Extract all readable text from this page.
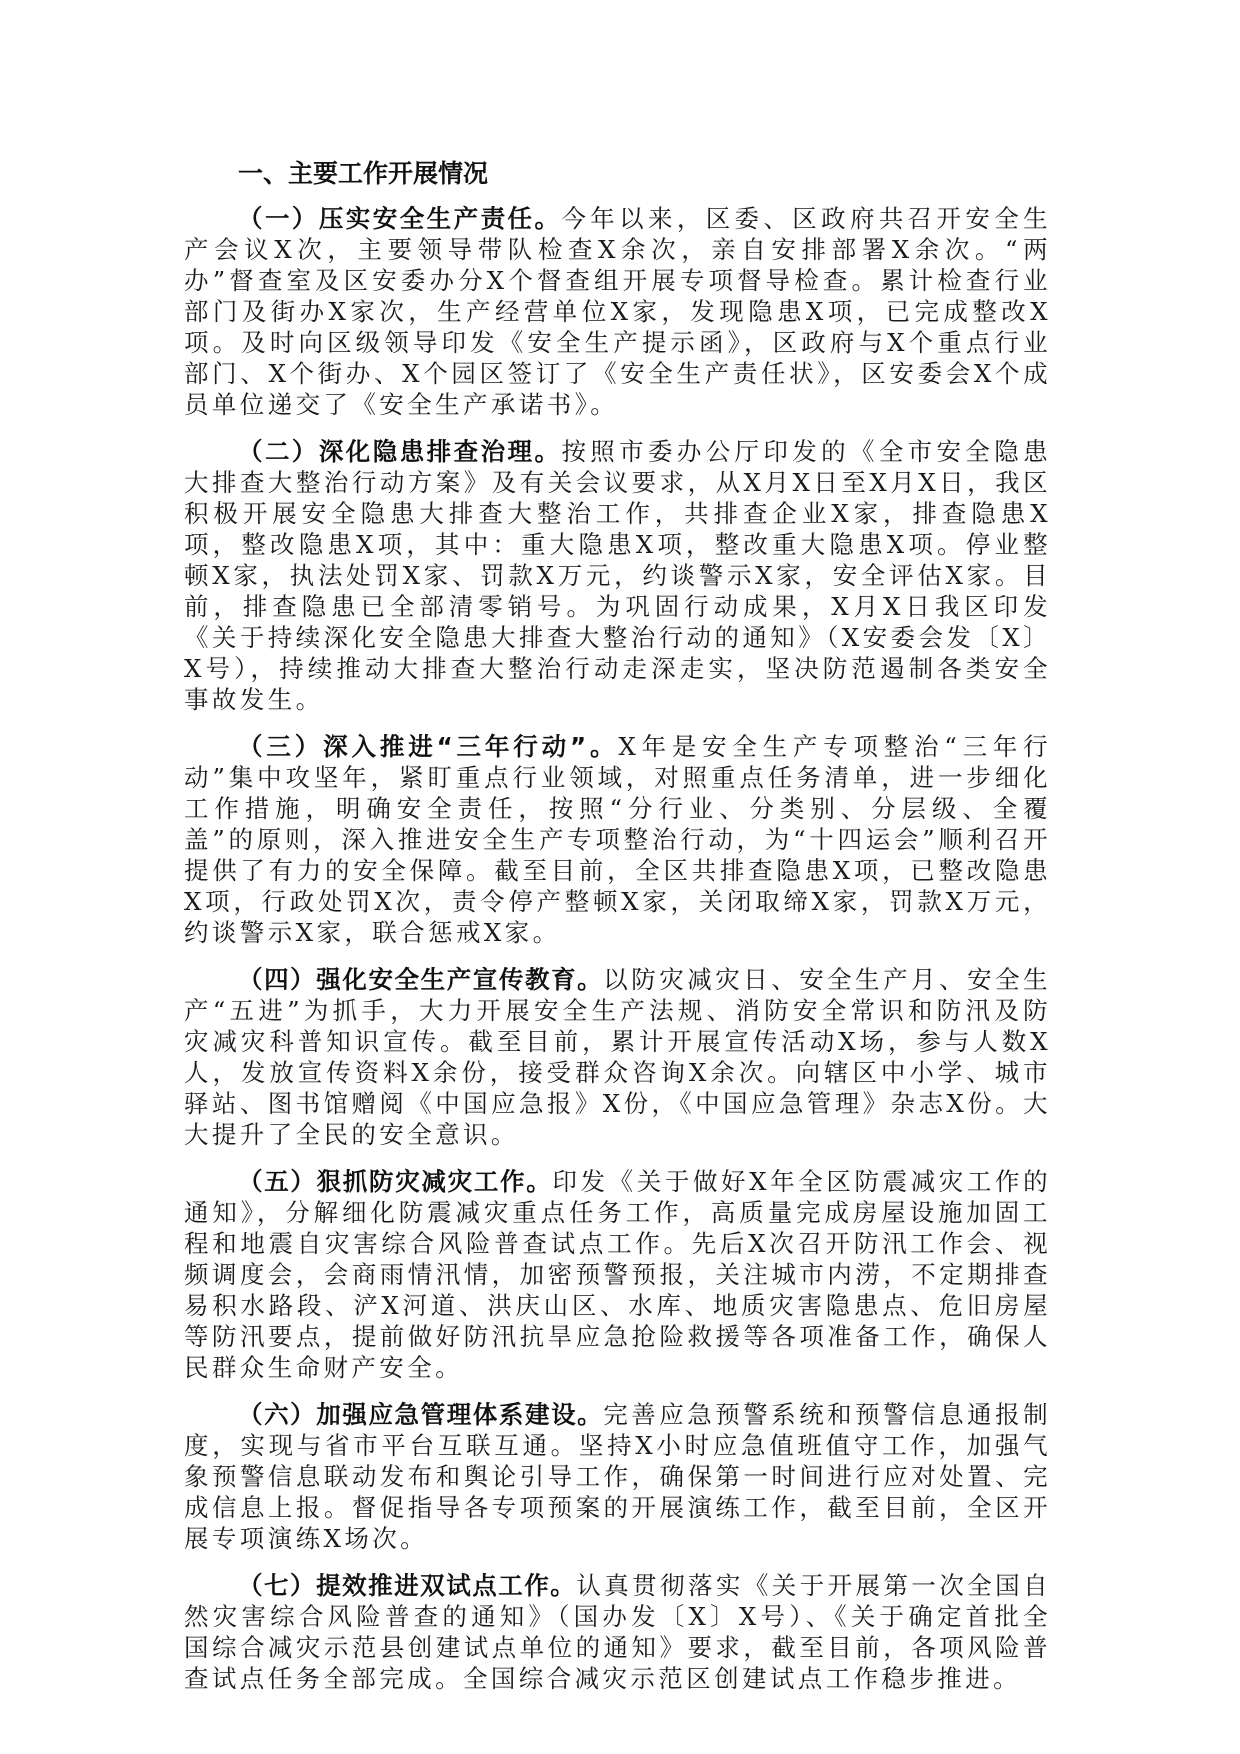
一、主要工作开展情况

（一）压实安全生产责任。今年以来，区委、区政府共召开安全生产会议X次，主要领导带队检查X余次，亲自安排部署X余次。“两办”督查室及区安委办分X个督查组开展专项督导检查。累计检查行业部门及街办X家次，生产经营单位X家，发现隐患X项，已完成整改X项。及时向区级领导印发《安全生产提示函》，区政府与X个重点行业部门、X个街办、X个园区签订了《安全生产责任状》，区安委会X个成员单位递交了《安全生产承诺书》。

（二）深化隐患排查治理。按照市委办公厅印发的《全市安全隐患大排查大整治行动方案》及有关会议要求，从X月X日至X月X日，我区积极开展安全隐患大排查大整治工作，共排查企业X家，排查隐患X项，整改隐患X项，其中：重大隐患X项，整改重大隐患X项。停业整顿X家，执法处罚X家、罚款X万元，约谈警示X家，安全评估X家。目前，排查隐患已全部清零销号。为巩固行动成果，X月X日我区印发《关于持续深化安全隐患大排查大整治行动的通知》（X安委会发〔X〕X号），持续推动大排查大整治行动走深走实，坚决防范遏制各类安全事故发生。

（三）深入推进“三年行动”。X年是安全生产专项整治“三年行动”集中攻坚年，紧盯重点行业领域，对照重点任务清单，进一步细化工作措施，明确安全责任，按照“分行业、分类别、分层级、全覆盖”的原则，深入推进安全生产专项整治行动，为“十四运会”顺利召开提供了有力的安全保障。截至目前，全区共排查隐患X项，已整改隐患X项，行政处罚X次，责令停产整顿X家，关闭取缔X家，罚款X万元，约谈警示X家，联合惩戒X家。

（四）强化安全生产宣传教育。以防灾减灾日、安全生产月、安全生产“五进”为抓手，大力开展安全生产法规、消防安全常识和防汛及防灾减灾科普知识宣传。截至目前，累计开展宣传活动X场，参与人数X人，发放宣传资料X余份，接受群众咨询X余次。向辖区中小学、城市驿站、图书馆赠阅《中国应急报》X份，《中国应急管理》杂志X份。大大提升了全民的安全意识。

（五）狠抓防灾减灾工作。印发《关于做好X年全区防震减灾工作的通知》，分解细化防震减灾重点任务工作，高质量完成房屋设施加固工程和地震自灾害综合风险普查试点工作。先后X次召开防汛工作会、视频调度会，会商雨情汛情，加密预警预报，关注城市内涝，不定期排查易积水路段、浐X河道、洪庆山区、水库、地质灾害隐患点、危旧房屋等防汛要点，提前做好防汛抗旱应急抢险救援等各项准备工作，确保人民群众生命财产安全。

（六）加强应急管理体系建设。完善应急预警系统和预警信息通报制度，实现与省市平台互联互通。坚持X小时应急值班值守工作，加强气象预警信息联动发布和舆论引导工作，确保第一时间进行应对处置、完成信息上报。督促指导各专项预案的开展演练工作，截至目前，全区开展专项演练X场次。

（七）提效推进双试点工作。认真贯彻落实《关于开展第一次全国自然灾害综合风险普查的通知》（国办发〔X〕X号）、《关于确定首批全国综合减灾示范县创建试点单位的通知》要求，截至目前，各项风险普查试点任务全部完成。全国综合减灾示范区创建试点工作稳步推进。
